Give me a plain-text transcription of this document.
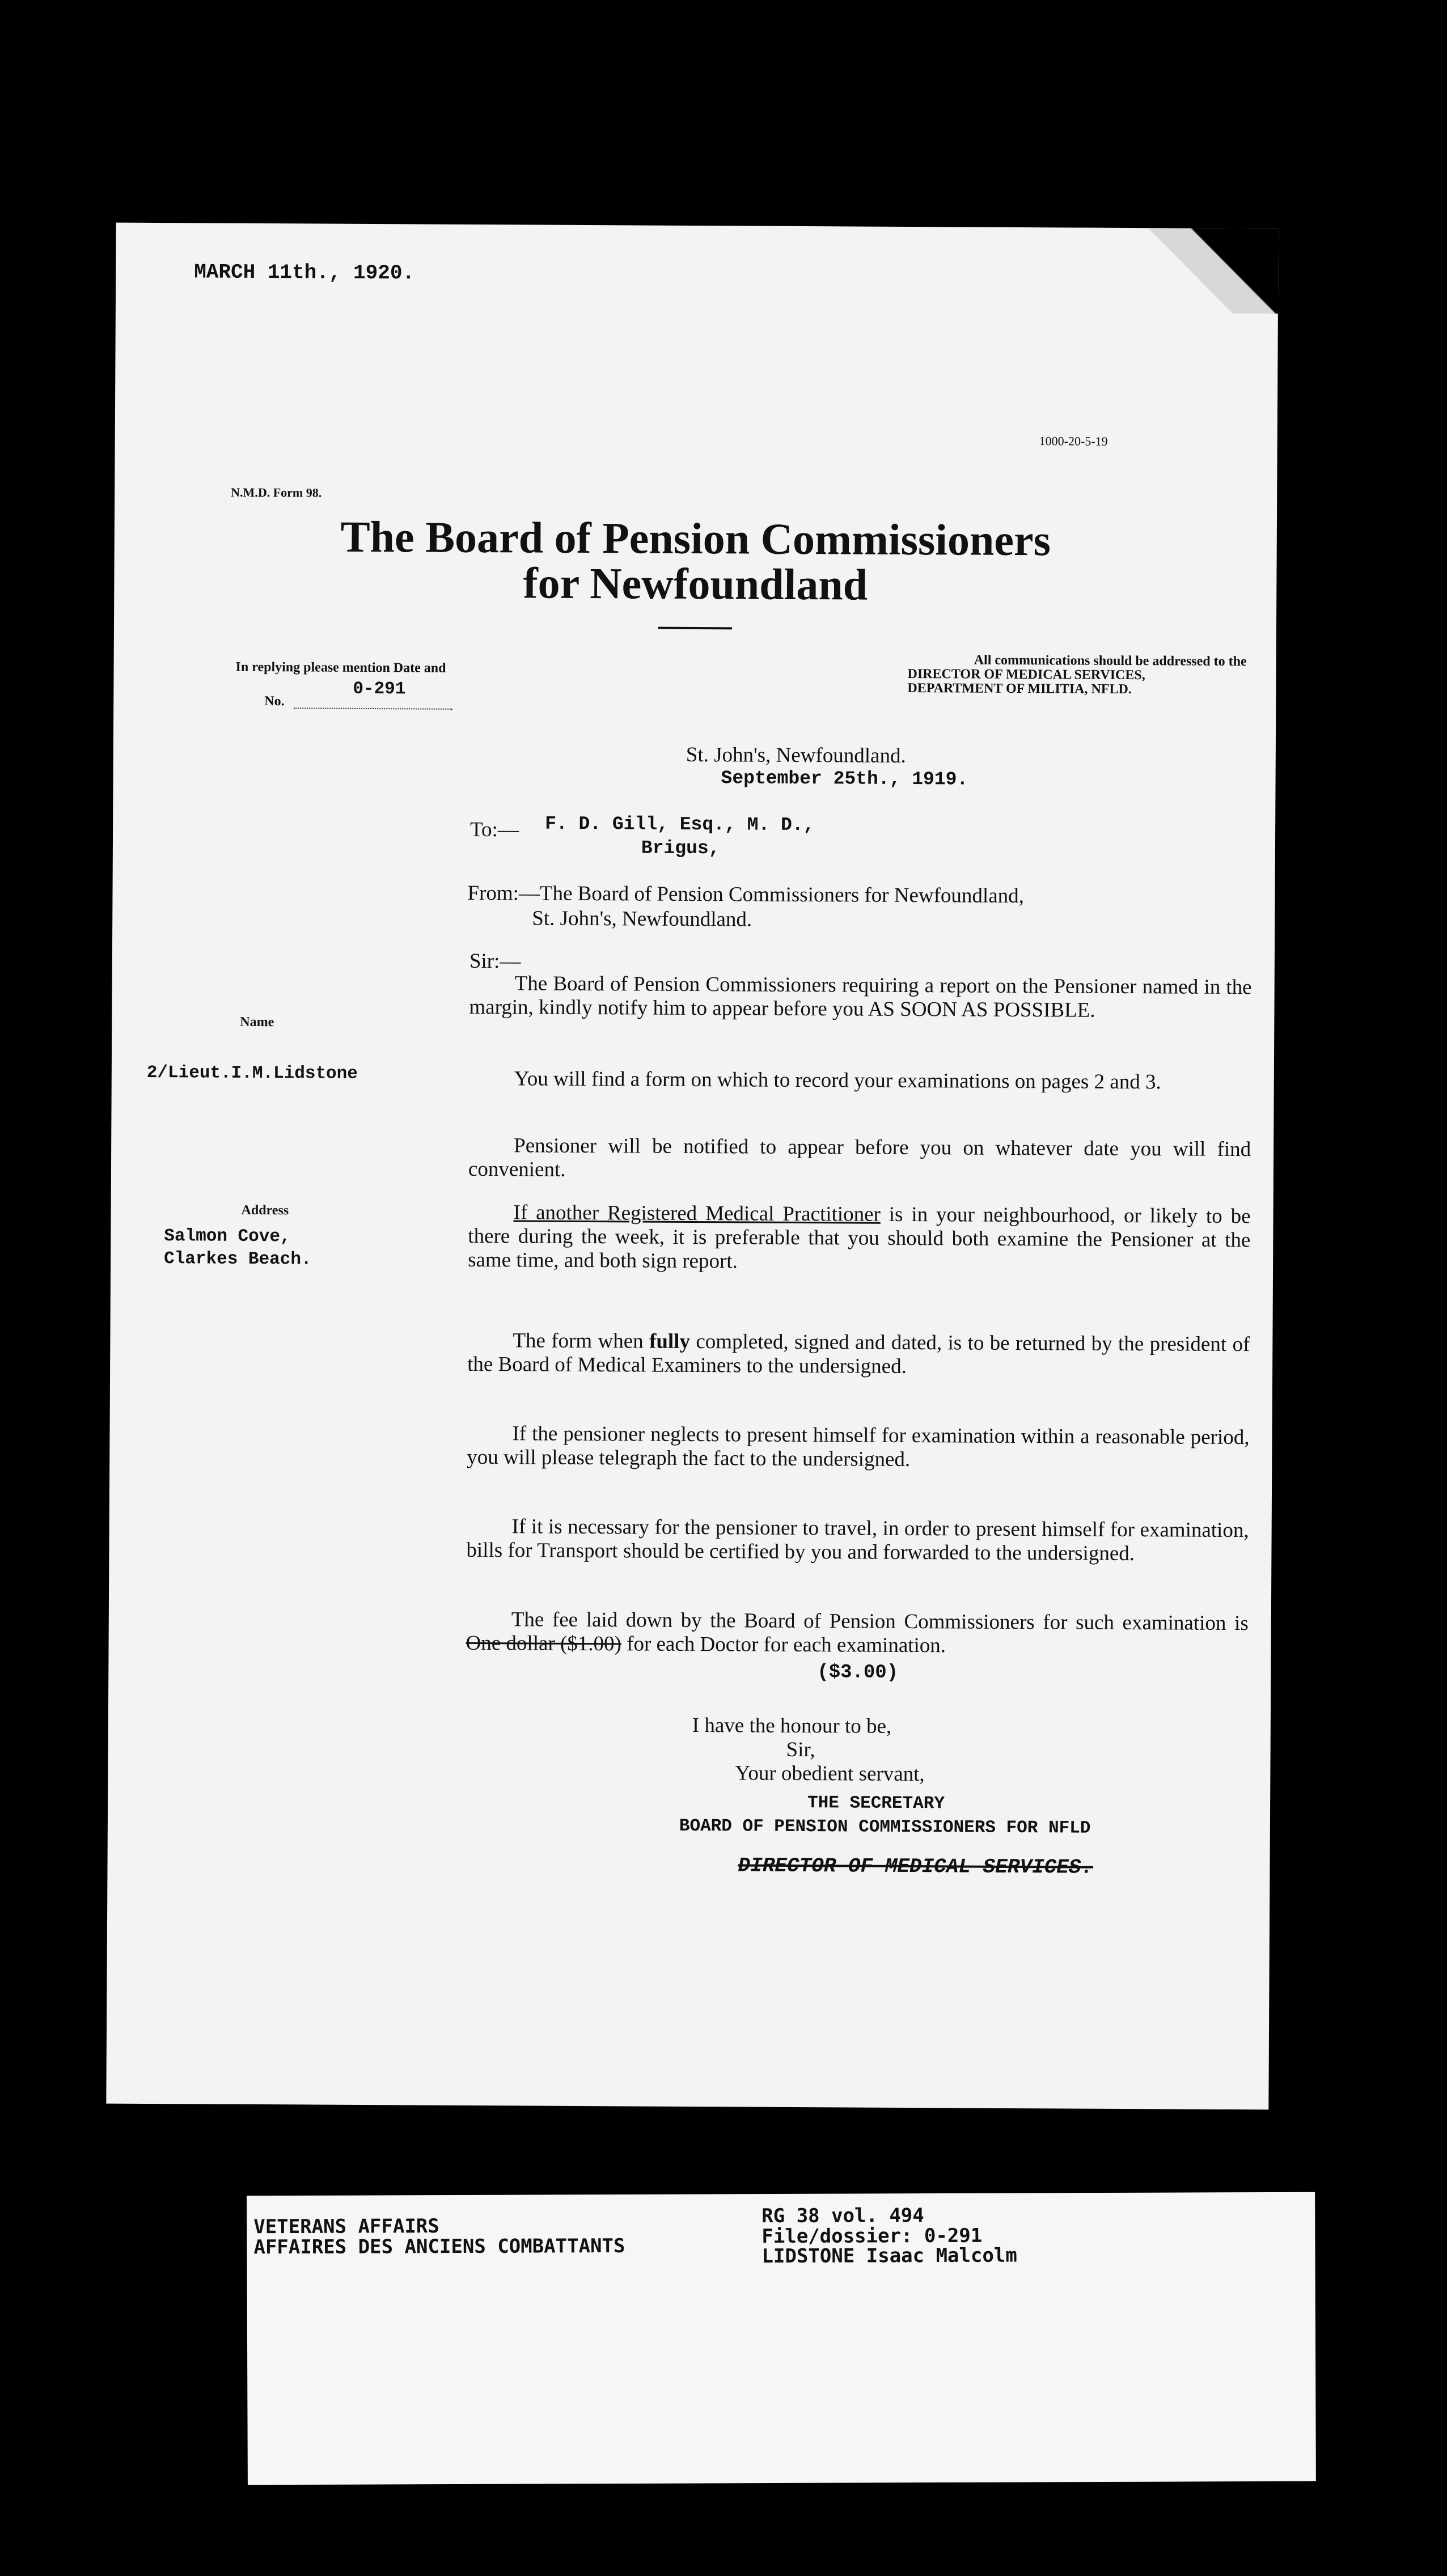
MARCH 11th., 1920.
1000-20-5-19
N.M.D. Form 98.
The Board of Pension Commissioners
for Newfoundland
In replying please mention Date and
0-291
No.
All communications should be addressed to the
DIRECTOR OF MEDICAL SERVICES,
DEPARTMENT OF MILITIA, NFLD.
St. John's, Newfoundland.
September 25th., 1919.
To:— F. D. Gill, Esq., M. D.,
Brigus,
From:—The Board of Pension Commissioners for Newfoundland,
St. John's, Newfoundland.
Name
2/Lieut.I.M.Lidstone
Address
Salmon Cove,
Clarkes Beach.
Sir:—
The Board of Pension Commissioners requiring a report on the Pensioner named in the margin, kindly notify him to appear before you AS SOON AS POSSIBLE.
You will find a form on which to record your examinations on pages 2 and 3.
Pensioner will be notified to appear before you on whatever date you will find convenient.
If another Registered Medical Practitioner is in your neighbourhood, or likely to be there during the week, it is preferable that you should both examine the Pensioner at the same time, and both sign report.
The form when fully completed, signed and dated, is to be returned by the president of the Board of Medical Examiners to the undersigned.
If the pensioner neglects to present himself for examination within a reasonable period, you will please telegraph the fact to the undersigned.
If it is necessary for the pensioner to travel, in order to present himself for examination, bills for Transport should be certified by you and forwarded to the undersigned.
The fee laid down by the Board of Pension Commissioners for such examination is One dollar ($1.00) for each Doctor for each examination.
($3.00)
I have the honour to be,
Sir,
Your obedient servant,
THE SECRETARY
BOARD OF PENSION COMMISSIONERS FOR NFLD
DIRECTOR OF MEDICAL SERVICES.
VETERANS AFFAIRS
AFFAIRES DES ANCIENS COMBATTANTS
RG 38 vol. 494
File/dossier: 0-291
LIDSTONE Isaac Malcolm
